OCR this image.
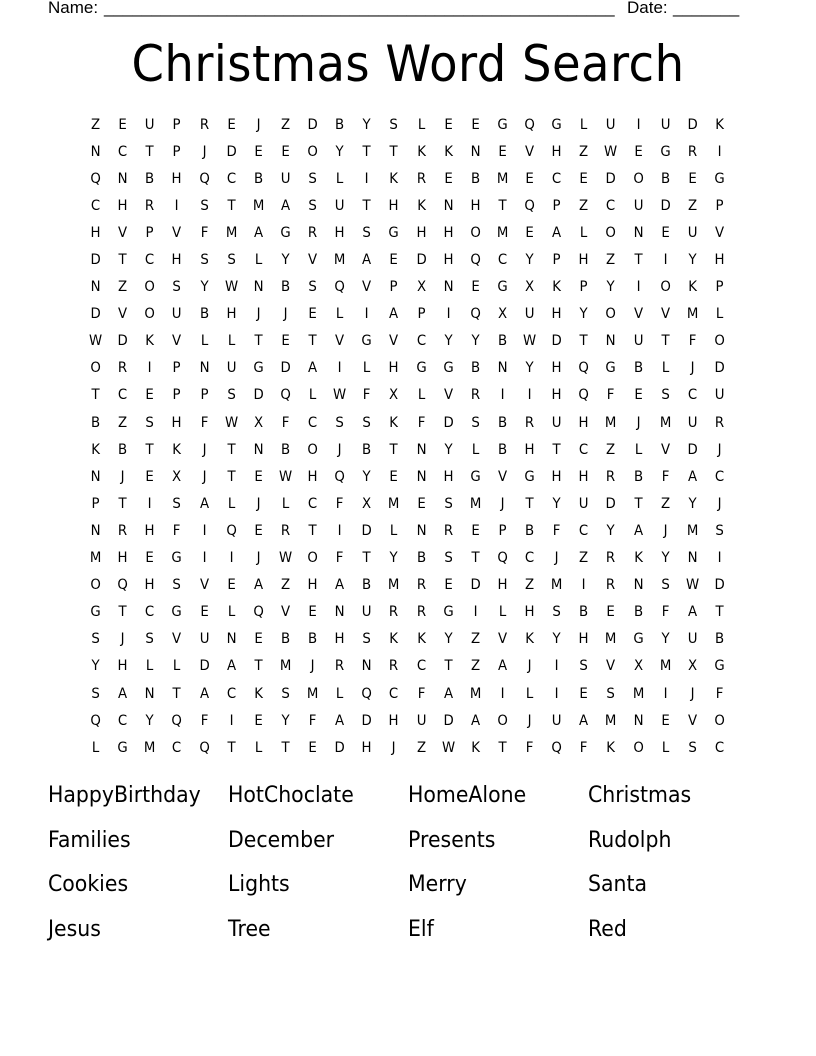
Name: ______________________________________________________ Date: _______
Christmas Word Search
Z	E	U	P	R	E	J	Z	D	B	Y	S	L	E	E	G	Q	G	L	U	I	U	D	K
N	C	T	P	J	D	E	E	O	Y	T	T	K	K	N	E	V	H	Z	W	E	G	R	I
Q	N	B	H	Q	C	B	U	S	L	I	K	R	E	B	M	E	C	E	D	O	B	E	G
C	H	R	I	S	T	M	A	S	U	T	H	K	N	H	T	Q	P	Z	C	U	D	Z	P
H	V	P	V	F	M	A	G	R	H	S	G	H	H	O	M	E	A	L	O	N	E	U	V
D	T	C	H	S	S	L	Y	V	M	A	E	D	H	Q	C	Y	P	H	Z	T	I	Y	H
N	Z	O	S	Y	W	N	B	S	Q	V	P	X	N	E	G	X	K	P	Y	I	O	K	P
D	V	O	U	B	H	J	J	E	L	I	A	P	I	Q	X	U	H	Y	O	V	V	M	L
W	D	K	V	L	L	T	E	T	V	G	V	C	Y	Y	B	W	D	T	N	U	T	F	O
O	R	I	P	N	U	G	D	A	I	L	H	G	G	B	N	Y	H	Q	G	B	L	J	D
T	C	E	P	P	S	D	Q	L	W	F	X	L	V	R	I	I	H	Q	F	E	S	C	U
B	Z	S	H	F	W	X	F	C	S	S	K	F	D	S	B	R	U	H	M	J	M	U	R
K	B	T	K	J	T	N	B	O	J	B	T	N	Y	L	B	H	T	C	Z	L	V	D	J
N	J	E	X	J	T	E	W	H	Q	Y	E	N	H	G	V	G	H	H	R	B	F	A	C
P	T	I	S	A	L	J	L	C	F	X	M	E	S	M	J	T	Y	U	D	T	Z	Y	J
N	R	H	F	I	Q	E	R	T	I	D	L	N	R	E	P	B	F	C	Y	A	J	M	S
M	H	E	G	I	I	J	W	O	F	T	Y	B	S	T	Q	C	J	Z	R	K	Y	N	I
O	Q	H	S	V	E	A	Z	H	A	B	M	R	E	D	H	Z	M	I	R	N	S	W	D
G	T	C	G	E	L	Q	V	E	N	U	R	R	G	I	L	H	S	B	E	B	F	A	T
S	J	S	V	U	N	E	B	B	H	S	K	K	Y	Z	V	K	Y	H	M	G	Y	U	B
Y	H	L	L	D	A	T	M	J	R	N	R	C	T	Z	A	J	I	S	V	X	M	X	G
S	A	N	T	A	C	K	S	M	L	Q	C	F	A	M	I	L	I	E	S	M	I	J	F
Q	C	Y	Q	F	I	E	Y	F	A	D	H	U	D	A	O	J	U	A	M	N	E	V	O
L	G	M	C	Q	T	L	T	E	D	H	J	Z	W	K	T	F	Q	F	K	O	L	S	C
HappyBirthday	HotChoclate	HomeAlone	Christmas
Families	December	Presents	Rudolph
Cookies	Lights	Merry	Santa
Jesus	Tree	Elf	Red
